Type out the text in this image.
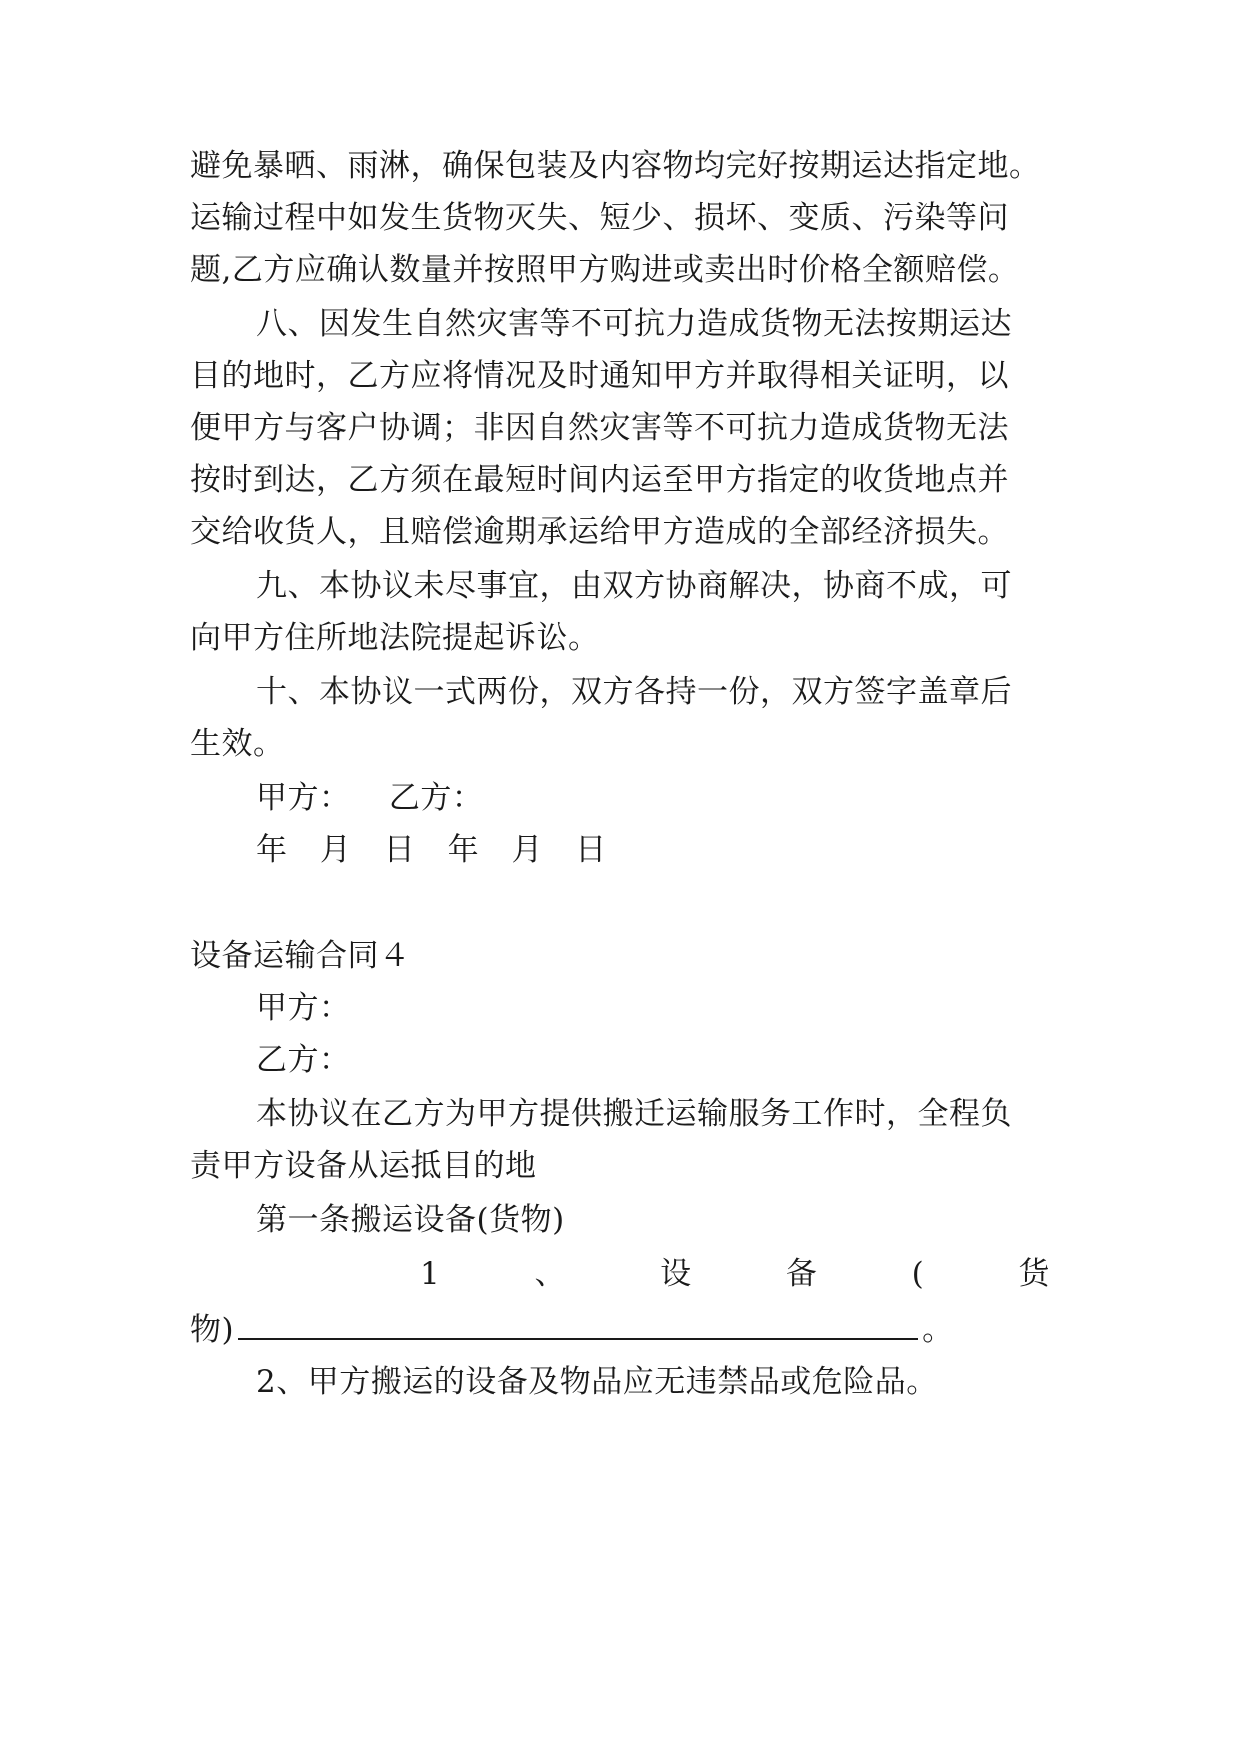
避免暴晒、雨淋，确保包装及内容物均完好按期运达指定地。
运输过程中如发生货物灭失、短少、损坏、变质、污染等问
题,乙方应确认数量并按照甲方购进或卖出时价格全额赔偿。
八、因发生自然灾害等不可抗力造成货物无法按期运达
目的地时，乙方应将情况及时通知甲方并取得相关证明，以
便甲方与客户协调；非因自然灾害等不可抗力造成货物无法
按时到达，乙方须在最短时间内运至甲方指定的收货地点并
交给收货人，且赔偿逾期承运给甲方造成的全部经济损失。
九、本协议未尽事宜，由双方协商解决，协商不成，可
向甲方住所地法院提起诉讼。
十、本协议一式两份，双方各持一份，双方签字盖章后
生效。
甲方： 乙方：
年 月 日 年 月 日
设备运输合同４
甲方：
乙方：
本协议在乙方为甲方提供搬迁运输服务工作时，全程负
责甲方设备从运抵目的地
第一条搬运设备(货物)
1	、	设	备	(	货
物)	。
2、甲方搬运的设备及物品应无违禁品或危险品。
